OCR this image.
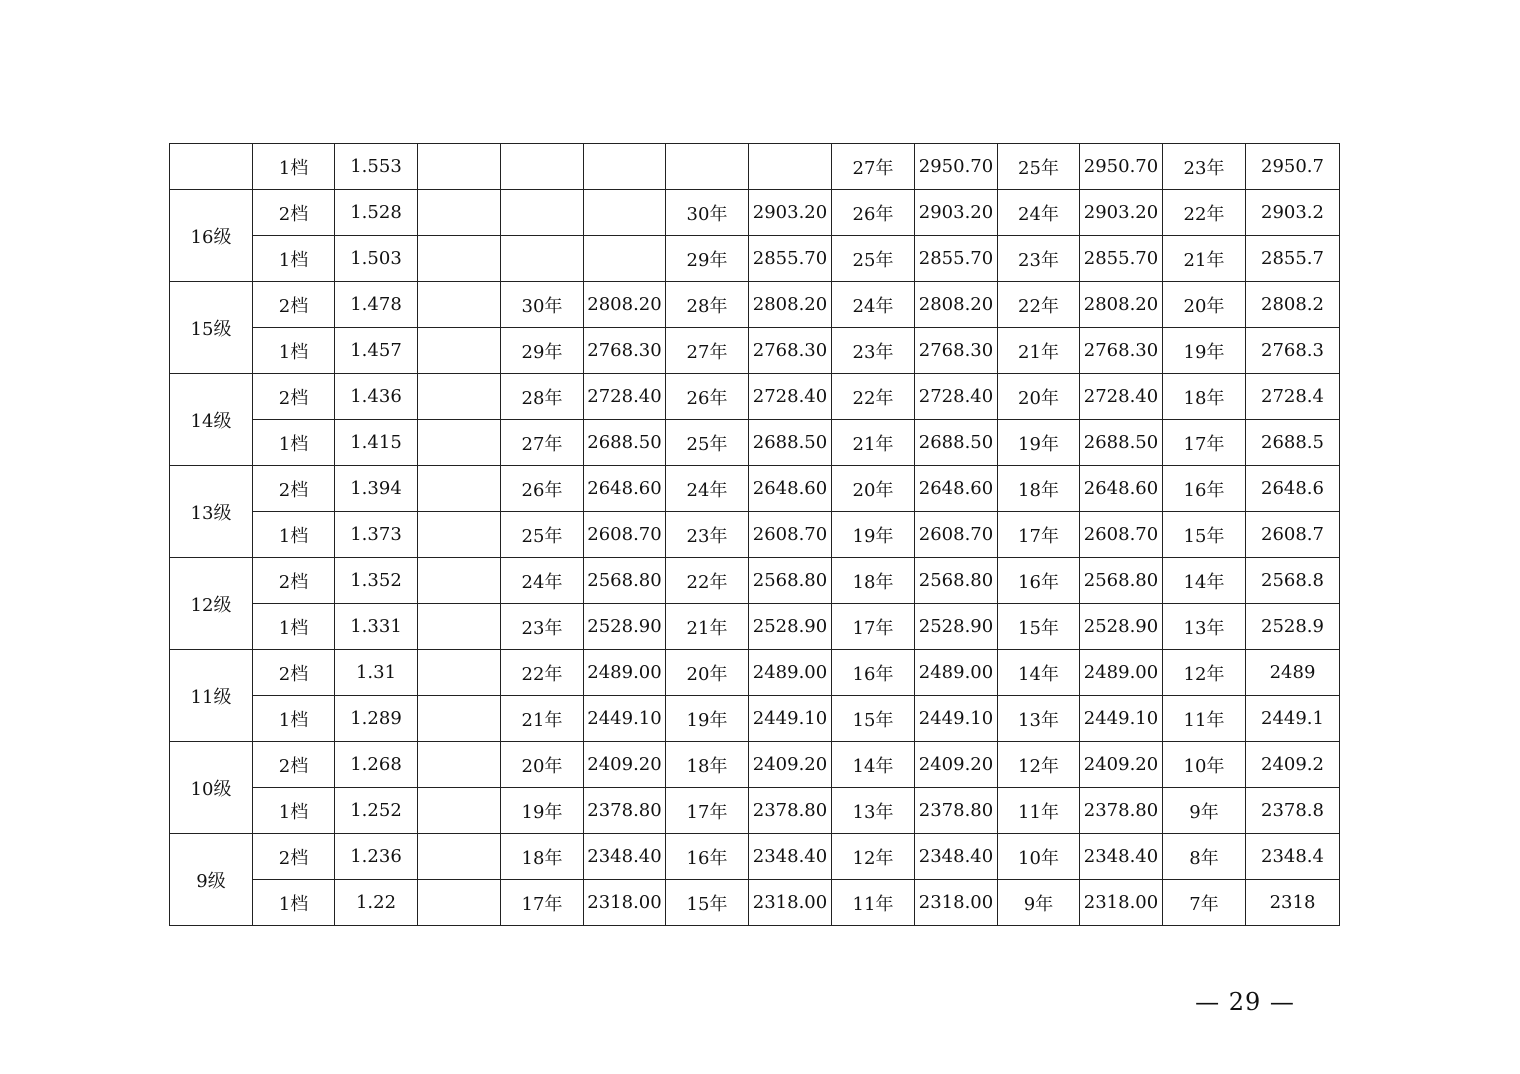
	1档	1.553						27年	2950.70	25年	2950.70	23年	2950.7
16级	2档	1.528				30年	2903.20	26年	2903.20	24年	2903.20	22年	2903.2
	1档	1.503				29年	2855.70	25年	2855.70	23年	2855.70	21年	2855.7
15级	2档	1.478		30年	2808.20	28年	2808.20	24年	2808.20	22年	2808.20	20年	2808.2
	1档	1.457		29年	2768.30	27年	2768.30	23年	2768.30	21年	2768.30	19年	2768.3
14级	2档	1.436		28年	2728.40	26年	2728.40	22年	2728.40	20年	2728.40	18年	2728.4
	1档	1.415		27年	2688.50	25年	2688.50	21年	2688.50	19年	2688.50	17年	2688.5
13级	2档	1.394		26年	2648.60	24年	2648.60	20年	2648.60	18年	2648.60	16年	2648.6
	1档	1.373		25年	2608.70	23年	2608.70	19年	2608.70	17年	2608.70	15年	2608.7
12级	2档	1.352		24年	2568.80	22年	2568.80	18年	2568.80	16年	2568.80	14年	2568.8
	1档	1.331		23年	2528.90	21年	2528.90	17年	2528.90	15年	2528.90	13年	2528.9
11级	2档	1.31		22年	2489.00	20年	2489.00	16年	2489.00	14年	2489.00	12年	2489
	1档	1.289		21年	2449.10	19年	2449.10	15年	2449.10	13年	2449.10	11年	2449.1
10级	2档	1.268		20年	2409.20	18年	2409.20	14年	2409.20	12年	2409.20	10年	2409.2
	1档	1.252		19年	2378.80	17年	2378.80	13年	2378.80	11年	2378.80	9年	2378.8
9级	2档	1.236		18年	2348.40	16年	2348.40	12年	2348.40	10年	2348.40	8年	2348.4
	1档	1.22		17年	2318.00	15年	2318.00	11年	2318.00	9年	2318.00	7年	2318
— 29 —
